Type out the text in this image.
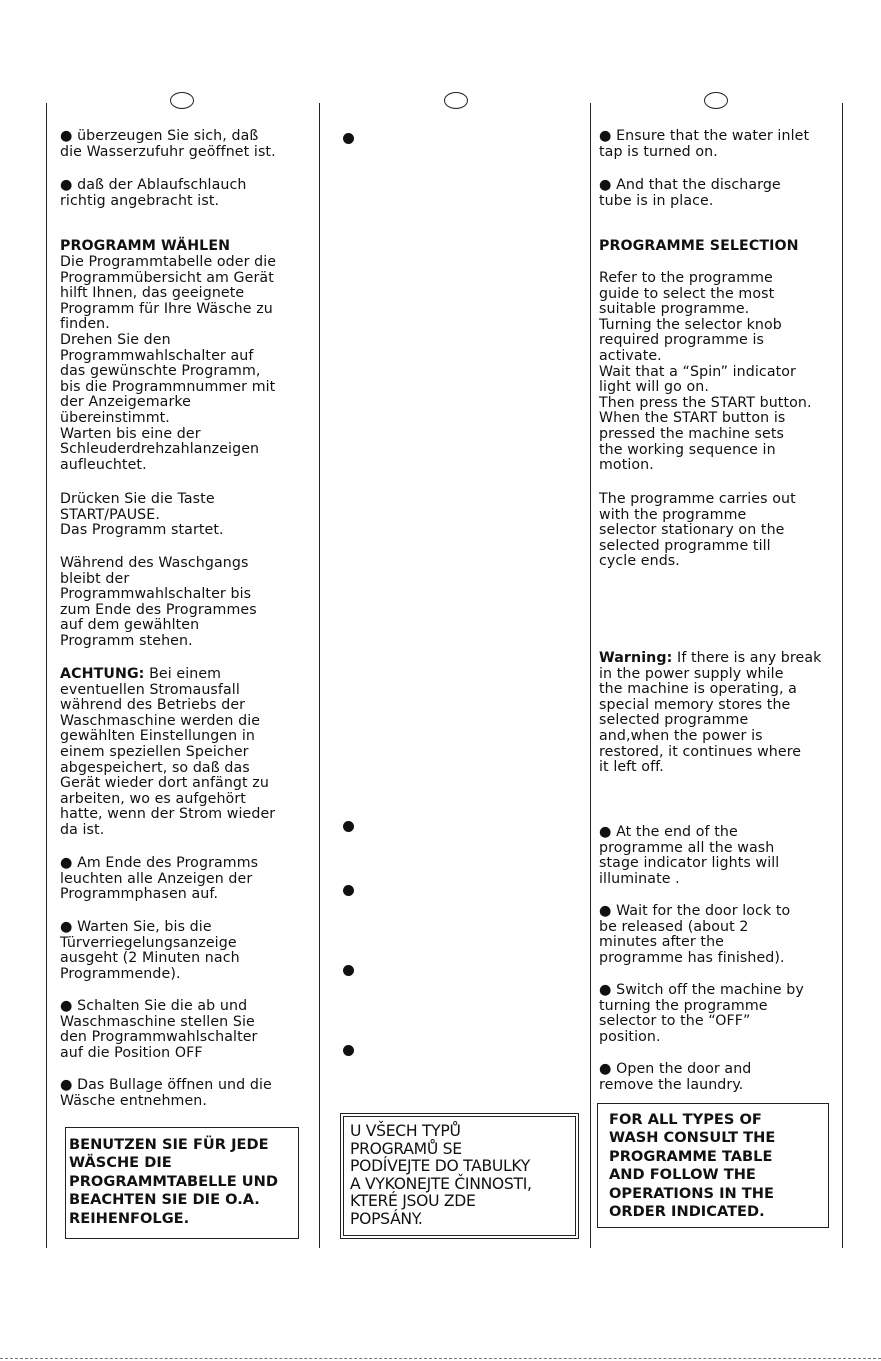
● überzeugen Sie sich, daß
die Wasserzufuhr geöffnet ist.

● daß der Ablaufschlauch
richtig angebracht ist.

PROGRAMM WÄHLEN

Die Programmtabelle oder die
Programmübersicht am Gerät
hilft Ihnen, das geeignete
Programm für Ihre Wäsche zu
finden.
Drehen Sie den
Programmwahlschalter auf
das gewünschte Programm,
bis die Programmnummer mit
der Anzeigemarke
übereinstimmt.
Warten bis eine der
Schleuderdrehzahlanzeigen
aufleuchtet.

Drücken Sie die Taste
START/PAUSE.
Das Programm startet.

Während des Waschgangs
bleibt der
Programmwahlschalter bis
zum Ende des Programmes
auf dem gewählten
Programm stehen.

ACHTUNG: Bei einem
eventuellen Stromausfall
während des Betriebs der
Waschmaschine werden die
gewählten Einstellungen in
einem speziellen Speicher
abgespeichert, so daß das
Gerät wieder dort anfängt zu
arbeiten, wo es aufgehört
hatte, wenn der Strom wieder
da ist.

● Am Ende des Programms
leuchten alle Anzeigen der
Programmphasen auf.

● Warten Sie, bis die
Türverriegelungsanzeige
ausgeht (2 Minuten nach
Programmende).

● Schalten Sie die ab und
Waschmaschine stellen Sie
den Programmwahlschalter
auf die Position OFF

● Das Bullage öffnen und die
Wäsche entnehmen.

BENUTZEN SIE FÜR JEDE
WÄSCHE DIE
PROGRAMMTABELLE UND
BEACHTEN SIE DIE O.A.
REIHENFOLGE.

U VŠECH TYPŮ
PROGRAMŮ SE
PODÍVEJTE DO TABULKY
A VYKONEJTE ČINNOSTI,
KTERÉ JSOU ZDE
POPSÁNY.

● Ensure that the water inlet
tap is turned on.

● And that the discharge
tube is in place.

PROGRAMME SELECTION

Refer to the programme
guide to select the most
suitable programme.
Turning the selector knob
required programme is
activate.
Wait that a “Spin” indicator
light will go on.
Then press the START button.
When the START button is
pressed the machine sets
the working sequence in
motion.

The programme carries out
with the programme
selector stationary on the
selected programme till
cycle ends.

Warning: If there is any break
in the power supply while
the machine is operating, a
special memory stores the
selected programme
and,when the power is
restored, it continues where
it left off.

● At the end of the
programme all the wash
stage indicator lights will
illuminate .

● Wait for the door lock to
be released (about 2
minutes after the
programme has finished).

● Switch off the machine by
turning the programme
selector to the “OFF”
position.

● Open the door and
remove the laundry.

FOR ALL TYPES OF
WASH CONSULT THE
PROGRAMME TABLE
AND FOLLOW THE
OPERATIONS IN THE
ORDER INDICATED.
